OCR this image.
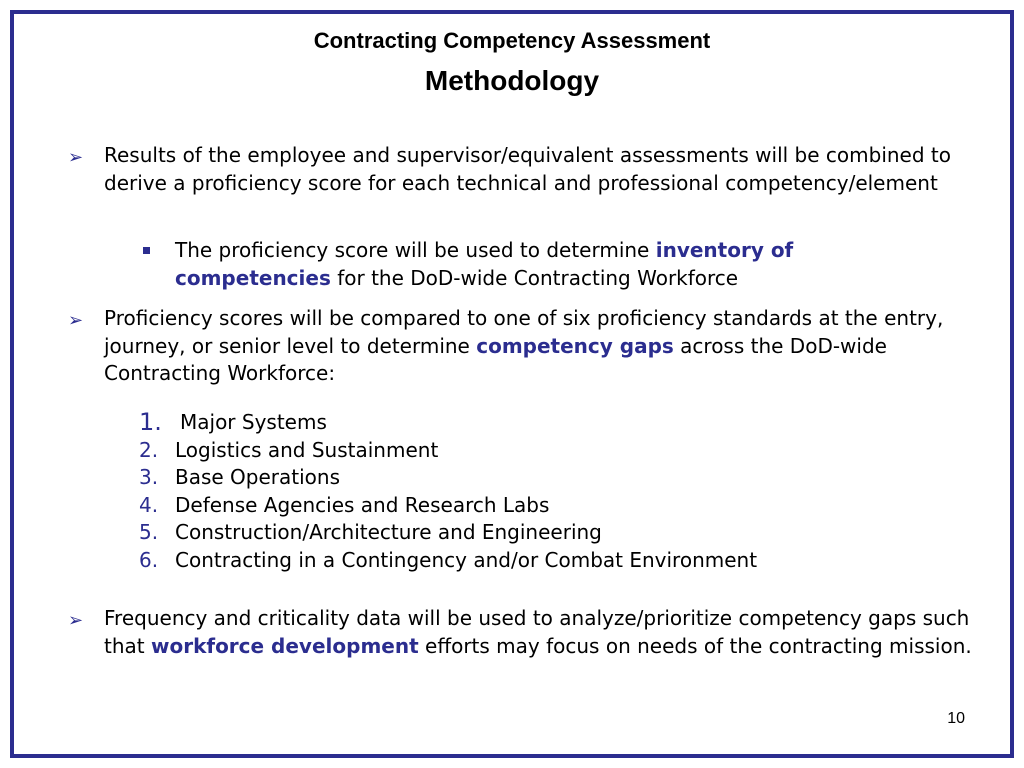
Contracting Competency Assessment
Methodology
➢ Results of the employee and supervisor/equivalent assessments will be combined to derive a proficiency score for each technical and professional competency/element
The proficiency score will be used to determine inventory of competencies for the DoD-wide Contracting Workforce
➢ Proficiency scores will be compared to one of six proficiency standards at the entry, journey, or senior level to determine competency gaps across the DoD-wide Contracting Workforce:
1. Major Systems
2. Logistics and Sustainment
3. Base Operations
4. Defense Agencies and Research Labs
5. Construction/Architecture and Engineering
6. Contracting in a Contingency and/or Combat Environment
➢ Frequency and criticality data will be used to analyze/prioritize competency gaps such that workforce development efforts may focus on needs of the contracting mission.
10
